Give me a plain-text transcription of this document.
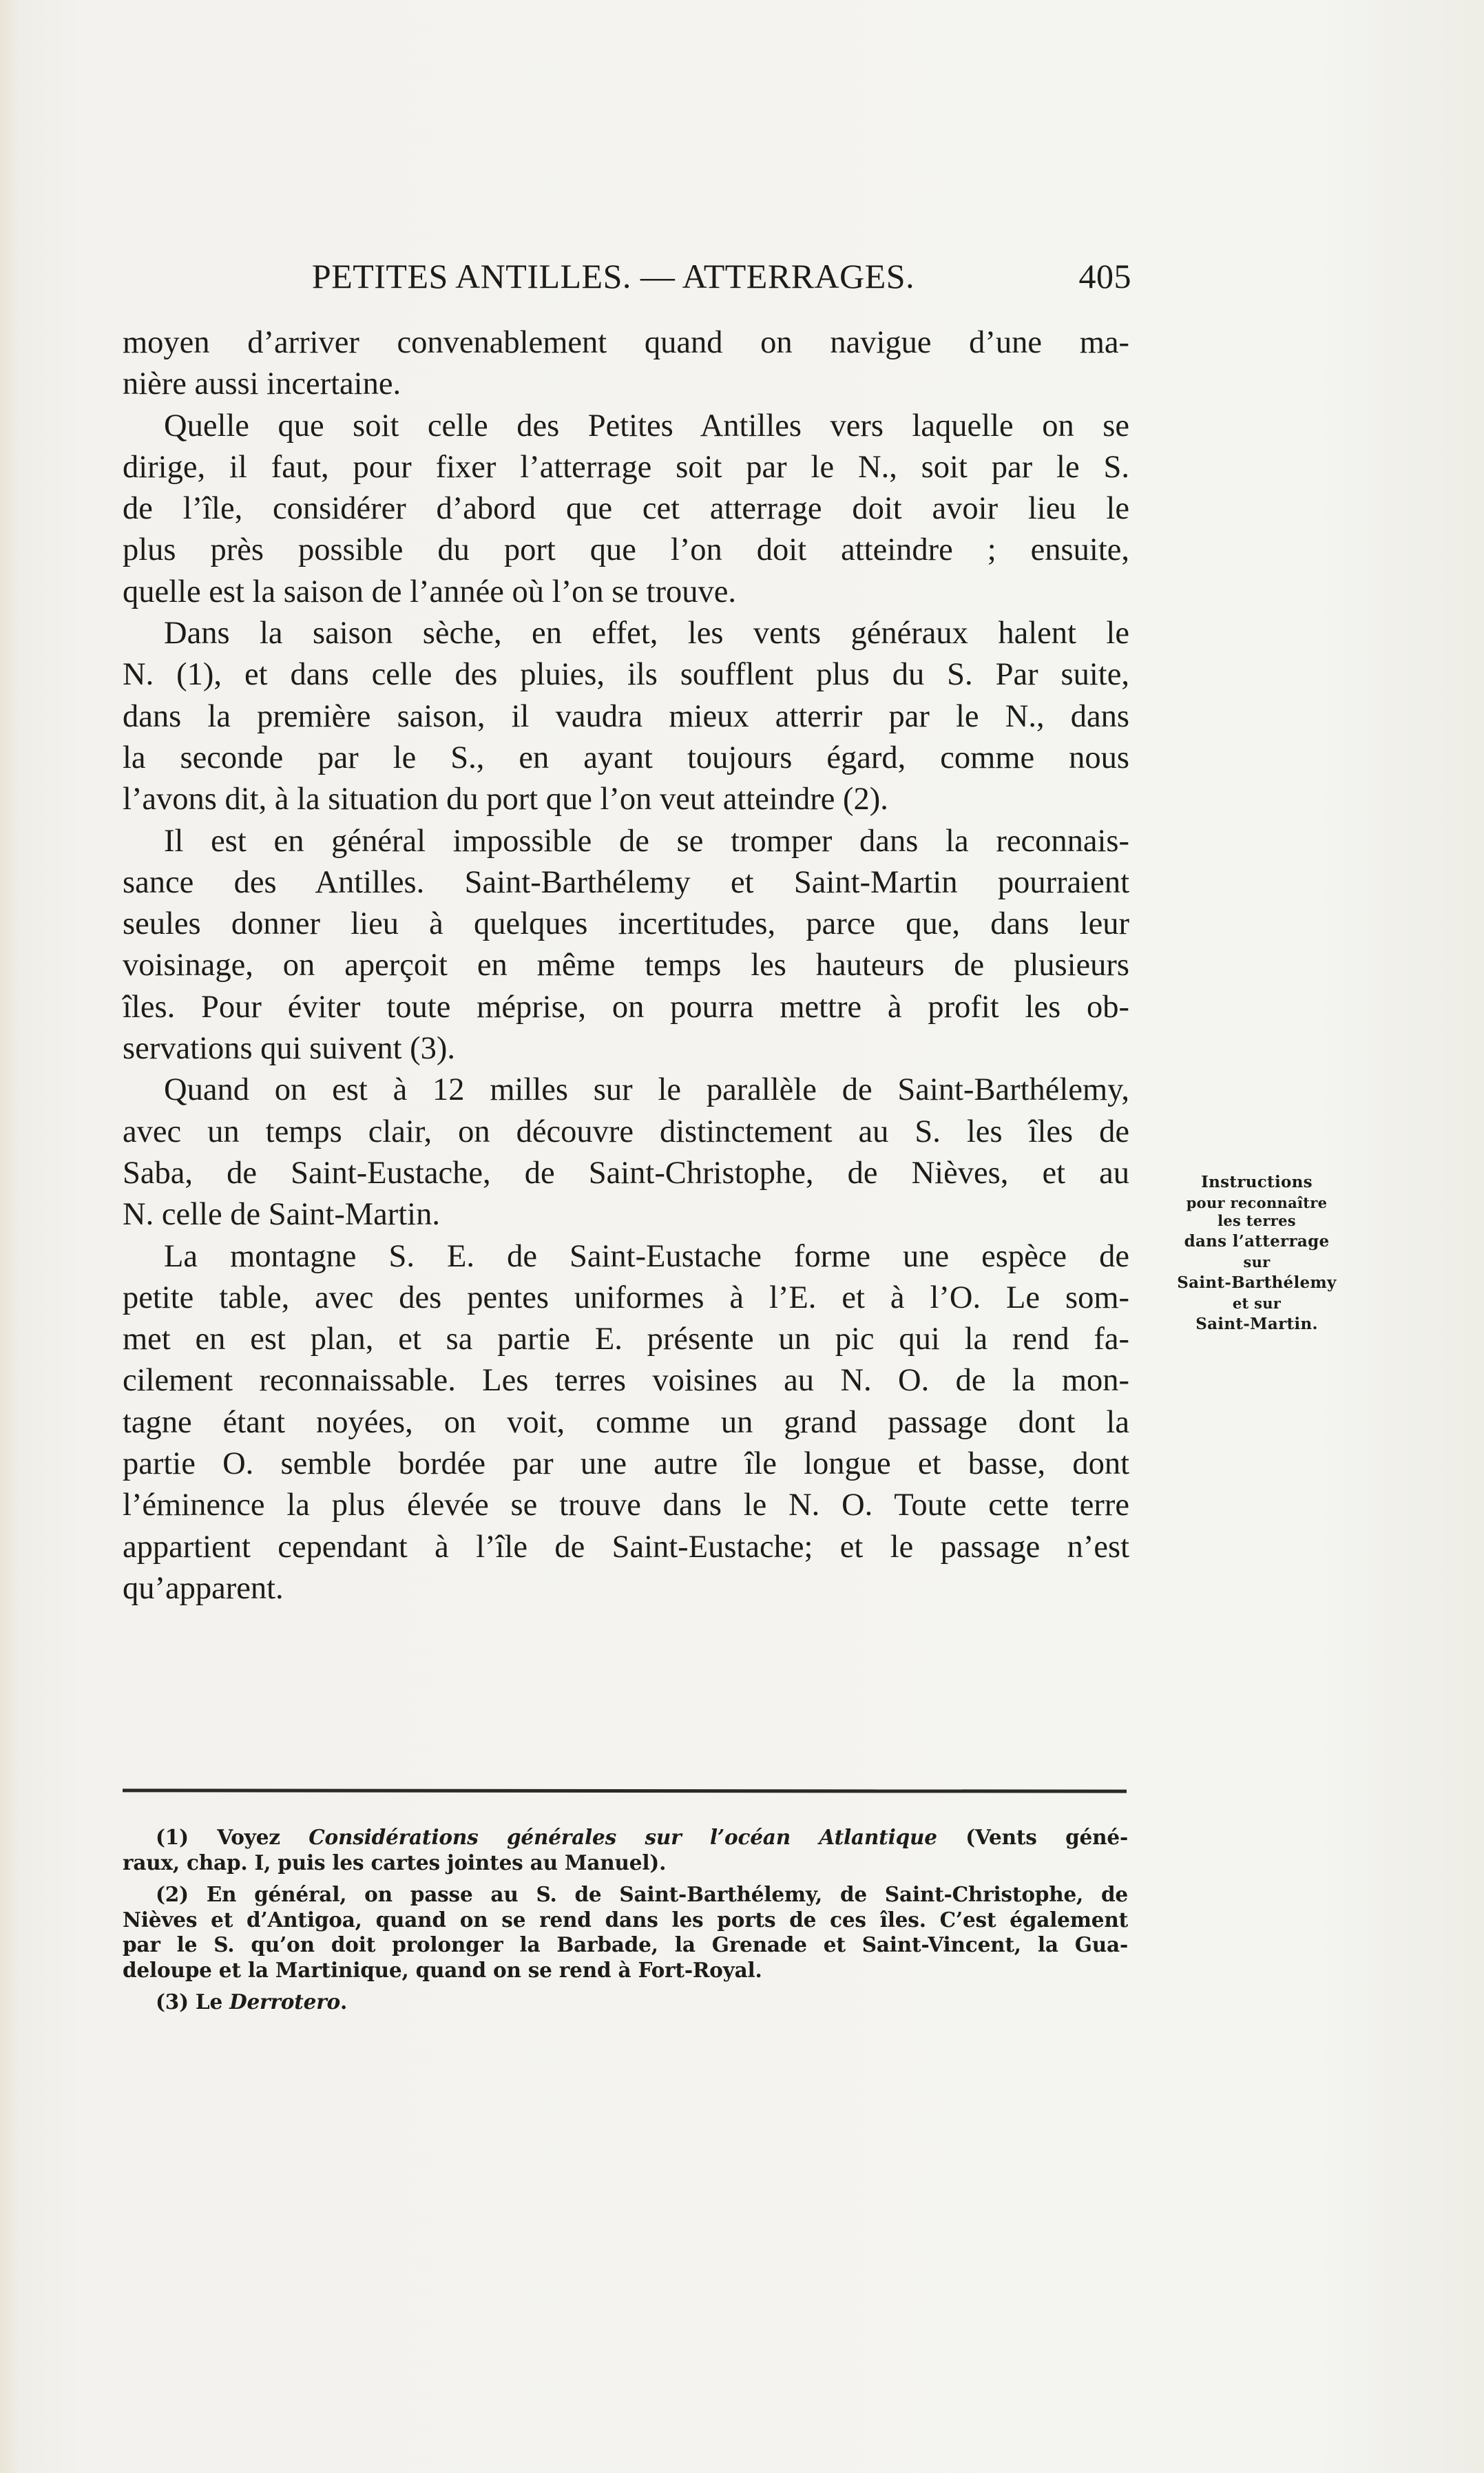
PETITES ANTILLES. — ATTERRAGES.	405

moyen d’arriver convenablement quand on navigue d’une ma-
nière aussi incertaine.

Quelle que soit celle des Petites Antilles vers laquelle on se
dirige, il faut, pour fixer l’atterrage soit par le N., soit par le S.
de l’île, considérer d’abord que cet atterrage doit avoir lieu le
plus près possible du port que l’on doit atteindre ; ensuite,
quelle est la saison de l’année où l’on se trouve.

Dans la saison sèche, en effet, les vents généraux halent le
N. (1), et dans celle des pluies, ils soufflent plus du S. Par suite,
dans la première saison, il vaudra mieux atterrir par le N., dans
la seconde par le S., en ayant toujours égard, comme nous
l’avons dit, à la situation du port que l’on veut atteindre (2).

Il est en général impossible de se tromper dans la reconnais-
sance des Antilles. Saint-Barthélemy et Saint-Martin pourraient
seules donner lieu à quelques incertitudes, parce que, dans leur
voisinage, on aperçoit en même temps les hauteurs de plusieurs
îles. Pour éviter toute méprise, on pourra mettre à profit les ob-
servations qui suivent (3).

Quand on est à 12 milles sur le parallèle de Saint-Barthélemy,
avec un temps clair, on découvre distinctement au S. les îles de
Saba, de Saint-Eustache, de Saint-Christophe, de Nièves, et au
N. celle de Saint-Martin.

La montagne S. E. de Saint-Eustache forme une espèce de
petite table, avec des pentes uniformes à l’E. et à l’O. Le som-
met en est plan, et sa partie E. présente un pic qui la rend fa-
cilement reconnaissable. Les terres voisines au N. O. de la mon-
tagne étant noyées, on voit, comme un grand passage dont la
partie O. semble bordée par une autre île longue et basse, dont
l’éminence la plus élevée se trouve dans le N. O. Toute cette terre
appartient cependant à l’île de Saint-Eustache; et le passage n’est
qu’apparent.

Instructions
pour reconnaître
les terres
dans l’atterrage
sur
Saint-Barthélemy
et sur
Saint-Martin.
(1) Voyez Considérations générales sur l’océan Atlantique (Vents géné-
raux, chap. I, puis les cartes jointes au Manuel).
(2) En général, on passe au S. de Saint-Barthélemy, de Saint-Christophe, de
Nièves et d’Antigoa, quand on se rend dans les ports de ces îles. C’est également
par le S. qu’on doit prolonger la Barbade, la Grenade et Saint-Vincent, la Gua-
deloupe et la Martinique, quand on se rend à Fort-Royal.
(3) Le Derrotero.
